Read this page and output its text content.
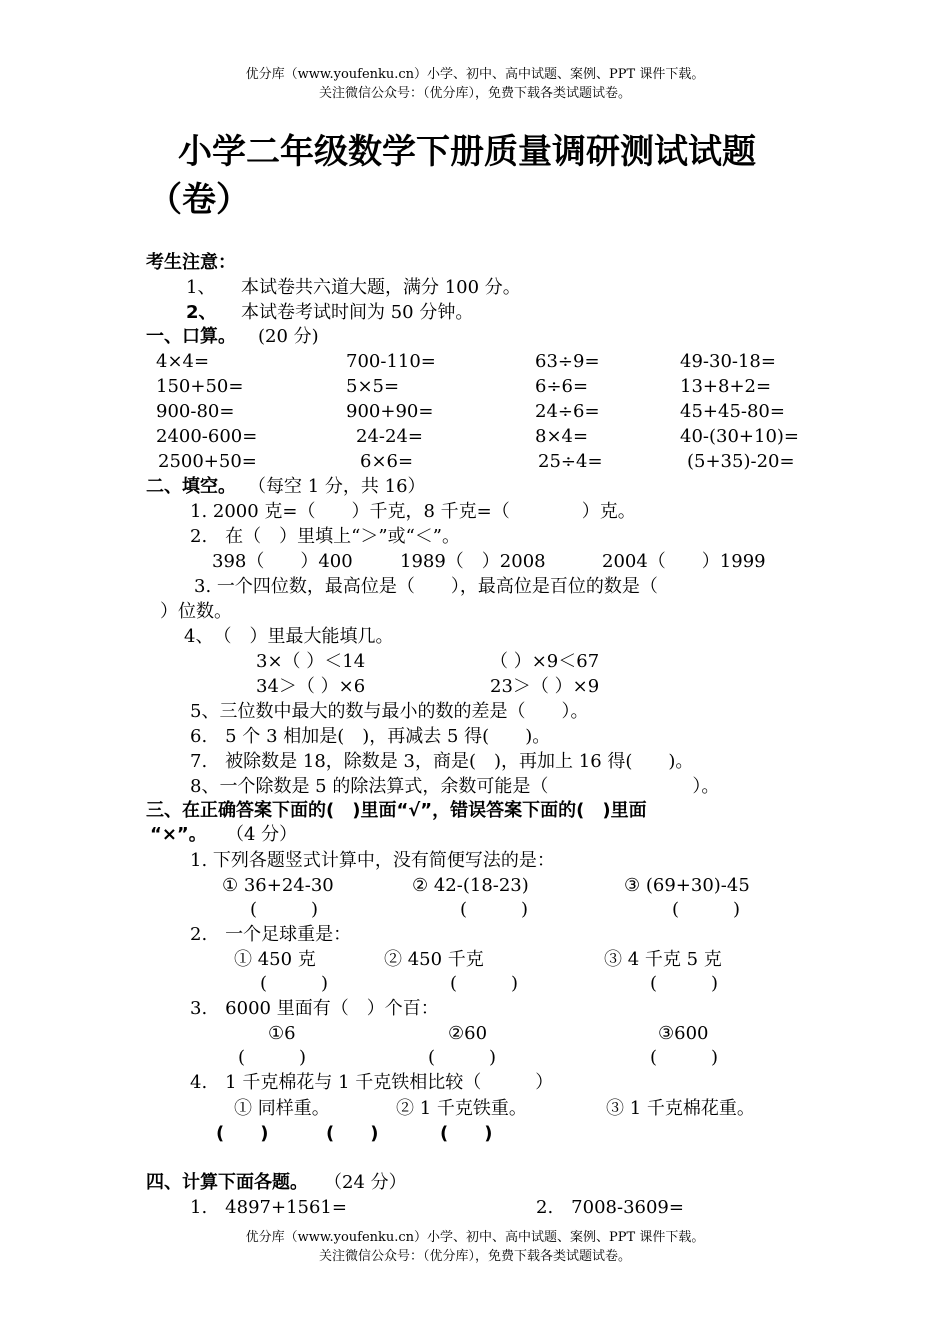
优分库（www.youfenku.cn）小学、初中、高中试题、案例、PPT 课件下载。
关注微信公众号：（优分库），免费下载各类试题试卷。
小学二年级数学下册质量调研测试试题
（卷）
考生注意：
1、 本试卷共六道大题，满分 100 分。
2、 本试卷考试时间为 50 分钟。
一、口算。 (20 分)
4×4=	700-110=	63÷9=	49-30-18=
150+50=	5×5=	6÷6=	13+8+2=
900-80=	900+90=	24÷6=	45+45-80=
2400-600=	24-24=	8×4=	40-(30+10)=
2500+50=	6×6=	25÷4=	(5+35)-20=
二、填空。 （每空 1 分，共 16）
1. 2000 克=（　　）千克，8 千克=（　　　　）克。
2.　在（　）里填上“＞”或“＜”。
398（　　）400	1989（　）2008	2004（　　）1999
3. 一个四位数，最高位是（　　），最高位是百位的数是（
）位数。
4、　（　）里最大能填几。
3×（ ）＜14	（ ）×9＜67
34＞（ ）×6	23＞（ ）×9
5、三位数中最大的数与最小的数的差是（　　）。
6.　5 个 3 相加是(　)，再减去 5 得(　　)。
7.　被除数是 18，除数是 3，商是(　)，再加上 16 得(　　)。
8、一个除数是 5 的除法算式，余数可能是（　　　　　　　　）。
三、在正确答案下面的(　)里面“√”，错误答案下面的(　)里面
“×”。 （4 分）
1. 下列各题竖式计算中，没有简便写法的是：
① 36+24-30	② 42-(18-23)	③ (69+30)-45
(　　　)	(　　　)	(　　　)
2.　一个足球重是：
① 450 克	② 450 千克	③ 4 千克 5 克
(　　　)	(　　　)	(　　　)
3.　6000 里面有（　）个百：
①6	②60	③600
(　　　)	(　　　)	(　　　)
4.　1 千克棉花与 1 千克铁相比较（　　　）
① 同样重。	② 1 千克铁重。	③ 1 千克棉花重。
(　　)	(　　)	(　　)
四、计算下面各题。 （24 分）
1.　4897+1561=	2.　7008-3609=
优分库（www.youfenku.cn）小学、初中、高中试题、案例、PPT 课件下载。
关注微信公众号：（优分库），免费下载各类试题试卷。
